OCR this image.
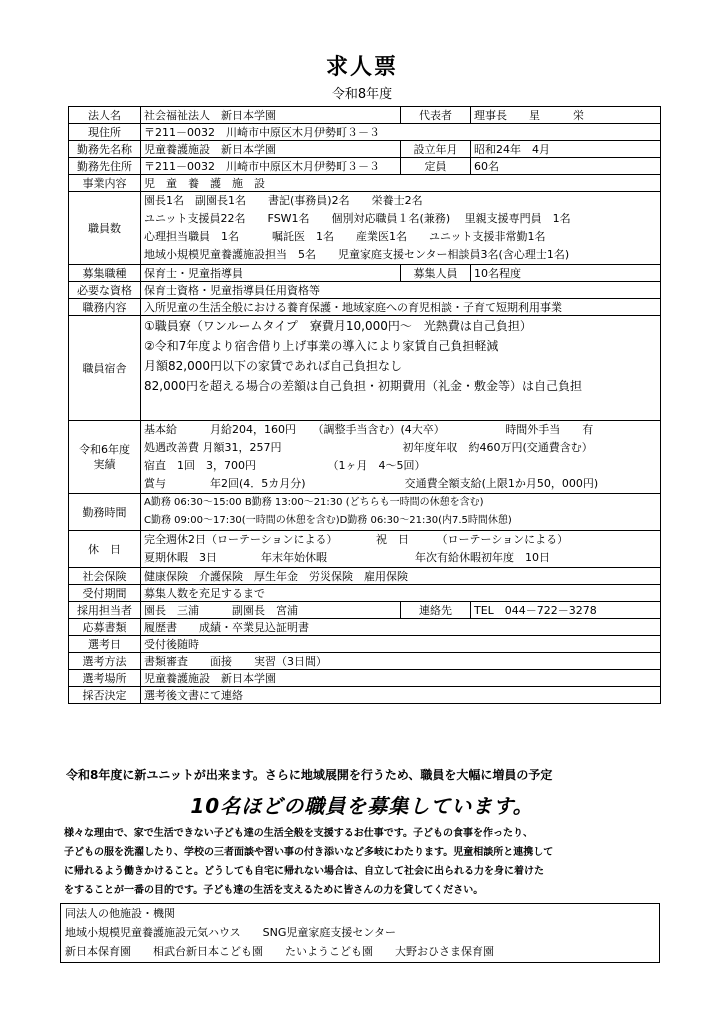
求人票
令和8年度
法人名	社会福祉法人　新日本学園	代表者	理事長　　星　　　栄
現住所	〒211－0032　川崎市中原区木月伊勢町３－３		
勤務先名称	児童養護施設　新日本学園	設立年月	昭和24年　4月
勤務先住所	〒211－0032　川崎市中原区木月伊勢町３－３	定員	60名
事業内容	児　童　養　護　施　設		
職員数	園長1名　副園長1名　　書記(事務員)2名　　栄養士2名
ユニット支援員22名　　FSW1名　　個別対応職員１名(兼務)　 里親支援専門員　1名
心理担当職員　1名　　　嘱託医　1名　　産業医1名　　ユニット支援非常勤1名
地域小規模児童養護施設担当　5名　　児童家庭支援センター相談員3名(含心理士1名)		

募集職種	保育士・児童指導員	募集人員	10名程度
必要な資格	保育士資格・児童指導員任用資格等		
職務内容	入所児童の生活全般における養育保護・地域家庭への育児相談・子育て短期利用事業		
職員宿舎	①職員寮（ワンルームタイプ　寮費月10,000円～　光熱費は自己負担）
②令和7年度より宿舎借り上げ事業の導入により家賃自己負担軽減
月額82,000円以下の家賃であれば自己負担なし
82,000円を超える場合の差額は自己負担・初期費用（礼金・敷金等）は自己負担		

令和6年度
実績	基本給　　　月給204，160円　　（調整手当含む）(4大卒）　　　　　　時間外手当　　有
処遇改善費 月額31，257円　　　　　　　　　　　初年度年収　約460万円(交通費含む）
宿直　1回　3，700円　　　　　　　（1ヶ月　4～5回）
賞与　　　　年2回(4．5カ月分)　　　　　　　　　交通費全額支給(上限1か月50，000円)		

勤務時間	A勤務 06:30～15:00 B勤務 13:00～21:30 (どちらも一時間の休憩を含む)
C勤務 09:00～17:30(一時間の休憩を含む)D勤務 06:30～21:30(内7.5時間休憩)		

休　日	完全週休2日（ローテーションによる）　　　　祝　日　　　（ローテーションによる）
夏期休暇　3日　　　　年末年始休暇　　　　　　　　年次有給休暇初年度　10日		

社会保険	健康保険　介護保険　厚生年金　労災保険　雇用保険		
受付期間	募集人数を充足するまで		
採用担当者	園長　三浦　　　副園長　宮浦	連絡先	TEL　044－722－3278
応募書類	履歴書　　成績・卒業見込証明書		
選考日	受付後随時		
選考方法	書類審査　　面接　　実習（3日間）		
選考場所	児童養護施設　新日本学園		
採否決定	選考後文書にて連絡		
令和8年度に新ユニットが出来ます。さらに地域展開を行うため、職員を大幅に増員の予定
10名ほどの職員を募集しています。
様々な理由で、家で生活できない子ども達の生活全般を支援するお仕事です。子どもの食事を作ったり、
子どもの服を洗濯したり、学校の三者面談や習い事の付き添いなど多岐にわたります。児童相談所と連携して
に帰れるよう働きかけること。どうしても自宅に帰れない場合は、自立して社会に出られる力を身に着けた
をすることが一番の目的です。子ども達の生活を支えるために皆さんの力を貸してください。
同法人の他施設・機関
地域小規模児童養護施設元気ハウス　　SNG児童家庭支援センター
新日本保育園　　相武台新日本こども園　　たいようこども園　　大野おひさま保育園
